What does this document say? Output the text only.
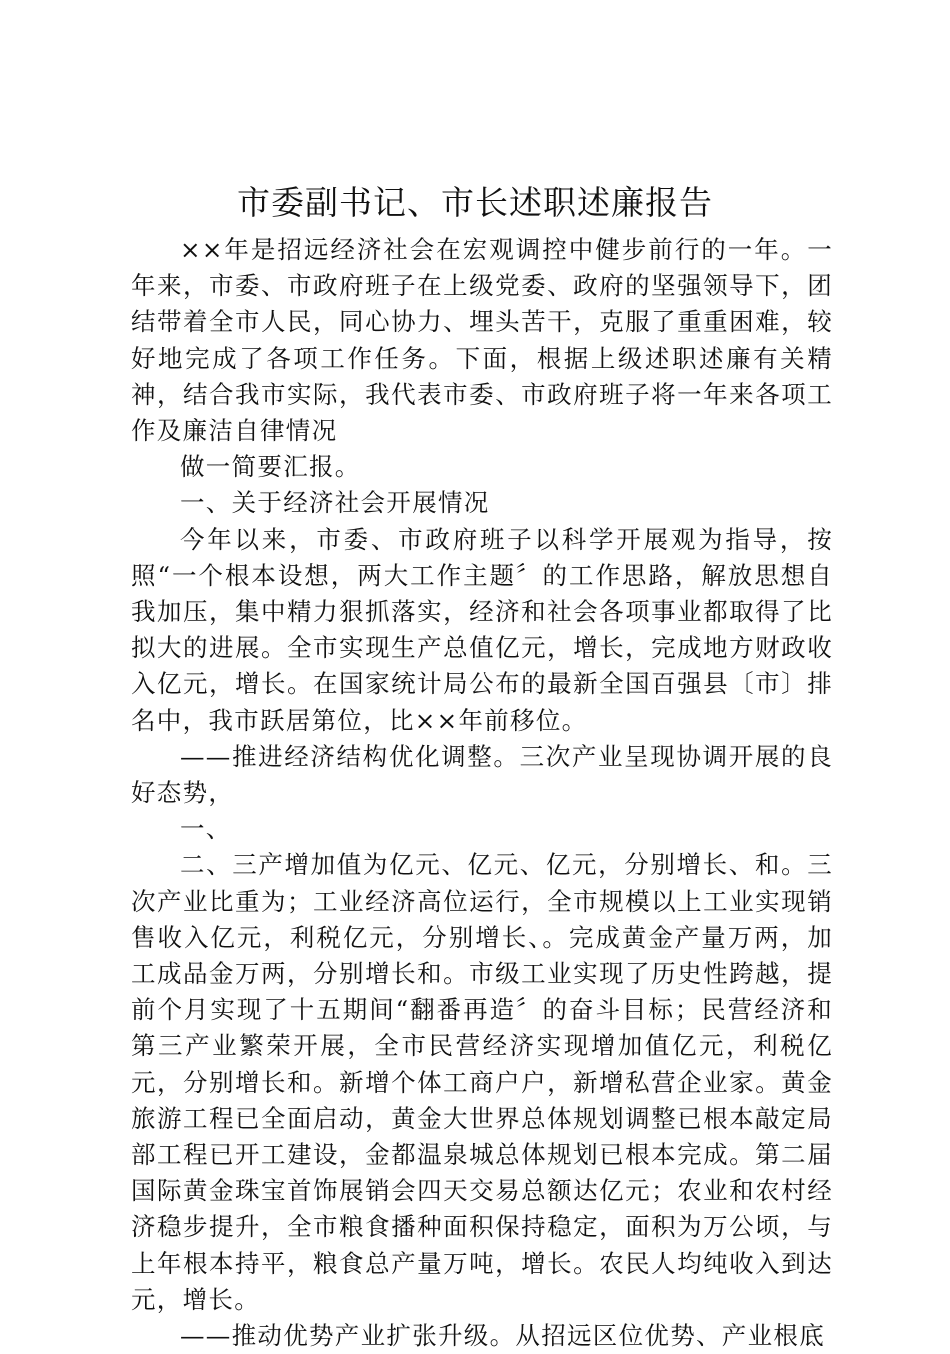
市委副书记、市长述职述廉报告

××年是招远经济社会在宏观调控中健步前行的一年。一年来，市委、市政府班子在上级党委、政府的坚强领导下，团结带着全市人民，同心协力、埋头苦干，克服了重重困难，较好地完成了各项工作任务。下面，根据上级述职述廉有关精神，结合我市实际，我代表市委、市政府班子将一年来各项工作及廉洁自律情况

做一简要汇报。

一、关于经济社会开展情况

今年以来，市委、市政府班子以科学开展观为指导，按照“一个根本设想，两大工作主题〞的工作思路，解放思想自我加压，集中精力狠抓落实，经济和社会各项事业都取得了比拟大的进展。全市实现生产总值亿元，增长，完成地方财政收入亿元，增长。在国家统计局公布的最新全国百强县〔市〕排名中，我市跃居第位，比××年前移位。

——推进经济结构优化调整。三次产业呈现协调开展的良好态势，

一、

二、三产增加值为亿元、亿元、亿元，分别增长、和。三次产业比重为；工业经济高位运行，全市规模以上工业实现销售收入亿元，利税亿元，分别增长、。完成黄金产量万两，加工成品金万两，分别增长和。市级工业实现了历史性跨越，提前个月实现了十五期间“翻番再造〞的奋斗目标；民营经济和第三产业繁荣开展，全市民营经济实现增加值亿元，利税亿元，分别增长和。新增个体工商户户，新增私营企业家。黄金旅游工程已全面启动，黄金大世界总体规划调整已根本敲定局部工程已开工建设，金都温泉城总体规划已根本完成。第二届国际黄金珠宝首饰展销会四天交易总额达亿元；农业和农村经济稳步提升，全市粮食播种面积保持稳定，面积为万公顷，与上年根本持平，粮食总产量万吨，增长。农民人均纯收入到达元，增长。

——推动优势产业扩张升级。从招远区位优势、产业根底
